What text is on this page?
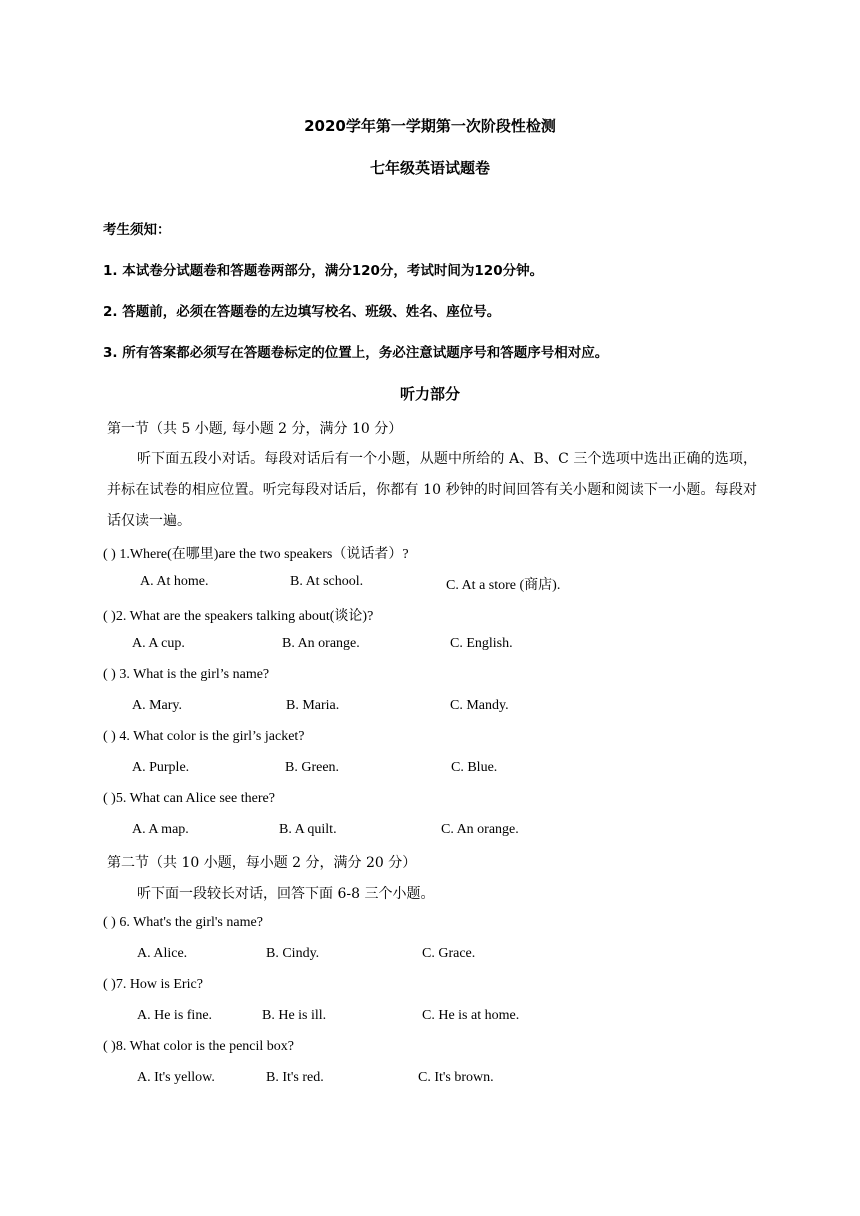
2020学年第一学期第一次阶段性检测
七年级英语试题卷
考生须知：
1. 本试卷分试题卷和答题卷两部分，满分120分，考试时间为120分钟。
2. 答题前，必须在答题卷的左边填写校名、班级、姓名、座位号。
3. 所有答案都必须写在答题卷标定的位置上，务必注意试题序号和答题序号相对应。
听力部分
第一节（共 5 小题, 每小题 2 分，满分 10 分）
听下面五段小对话。每段对话后有一个小题，从题中所给的 A、B、C 三个选项中选出正确的选项，并标在试卷的相应位置。听完每段对话后，你都有 10 秒钟的时间回答有关小题和阅读下一小题。每段对话仅读一遍。
( ) 1.Where(在哪里)are the two speakers（说话者）?
A. At home.	B. At school.	C. At a store (商店).
( )2. What are the speakers talking about(谈论)?
A. A cup.	B. An orange.	C. English.
( ) 3. What is the girl’s name?
A. Mary.	B. Maria.	C. Mandy.
( ) 4. What color is the girl’s jacket?
A. Purple.	B. Green.	C. Blue.
( )5. What can Alice see there?
A. A map.	B. A quilt.	C. An orange.
第二节（共 10 小题，每小题 2 分，满分 20 分）
听下面一段较长对话，回答下面 6-8 三个小题。
( ) 6. What's the girl's name?
A. Alice.	B. Cindy.	C. Grace.
( )7. How is Eric?
A. He is fine.	B. He is ill.	C. He is at home.
( )8. What color is the pencil box?
A. It's yellow.	B. It's red.	C. It's brown.
